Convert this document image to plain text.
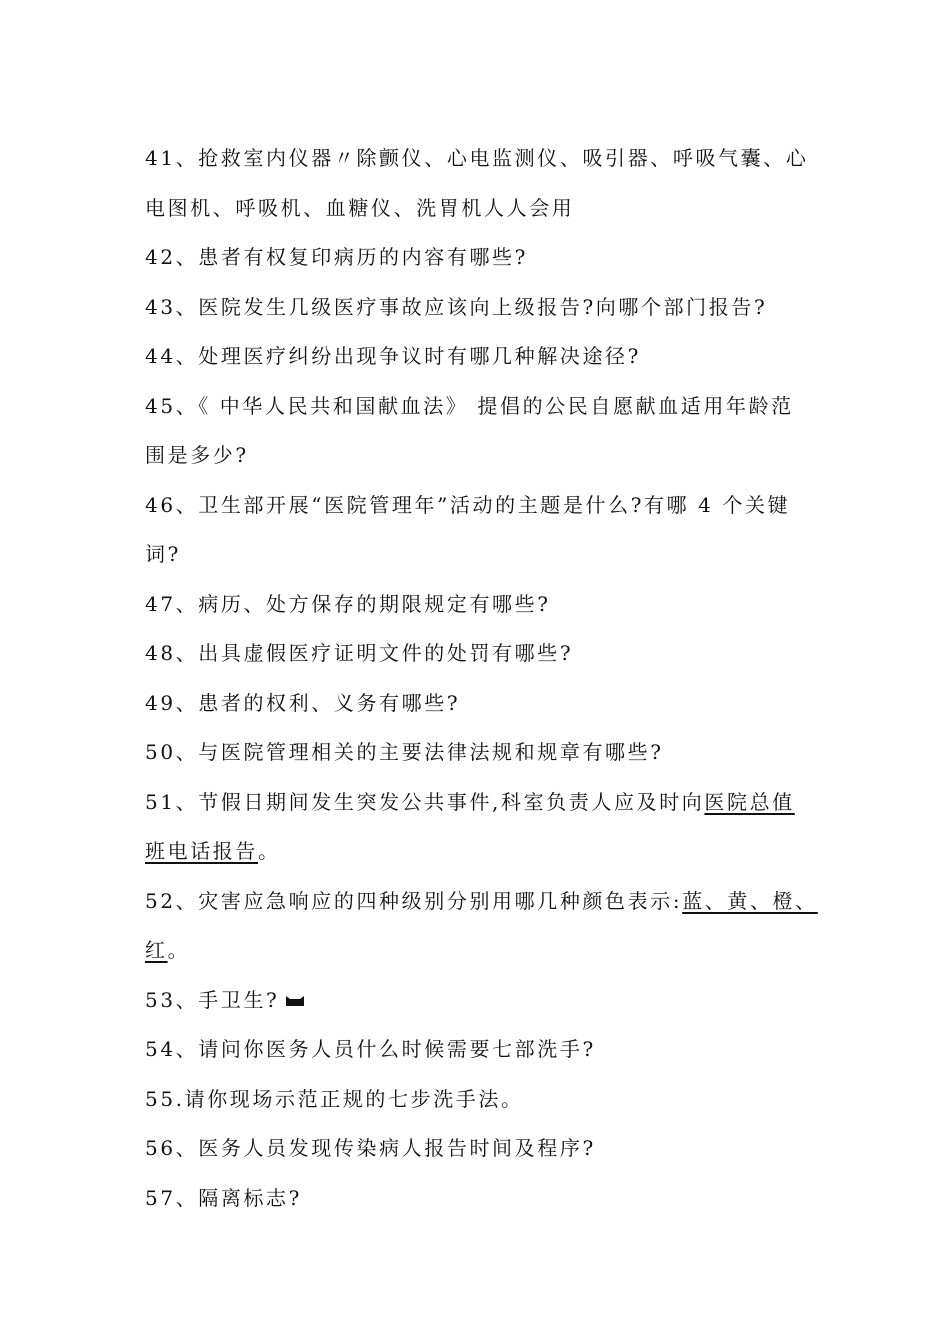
41、抢救室内仪器〃除颤仪、心电监测仪、吸引器、呼吸气囊、心
电图机、呼吸机、血糖仪、洗胃机人人会用
42、患者有权复印病历的内容有哪些?
43、医院发生几级医疗事故应该向上级报告?向哪个部门报告?
44、处理医疗纠纷出现争议时有哪几种解决途径?
45、《 中华人民共和国献血法》 提倡的公民自愿献血适用年龄范
围是多少?
46、卫生部开展“医院管理年”活动的主题是什么?有哪 4 个关键
词?
47、病历、处方保存的期限规定有哪些?
48、出具虚假医疗证明文件的处罚有哪些?
49、患者的权利、义务有哪些?
50、与医院管理相关的主要法律法规和规章有哪些?
51、节假日期间发生突发公共事件,科室负责人应及时向医院总值
班电话报告。
52、灾害应急响应的四种级别分别用哪几种颜色表示:蓝、黄、橙、
红。
53、手卫生?
54、请问你医务人员什么时候需要七部洗手?
55.请你现场示范正规的七步洗手法。
56、医务人员发现传染病人报告时间及程序?
57、隔离标志?
